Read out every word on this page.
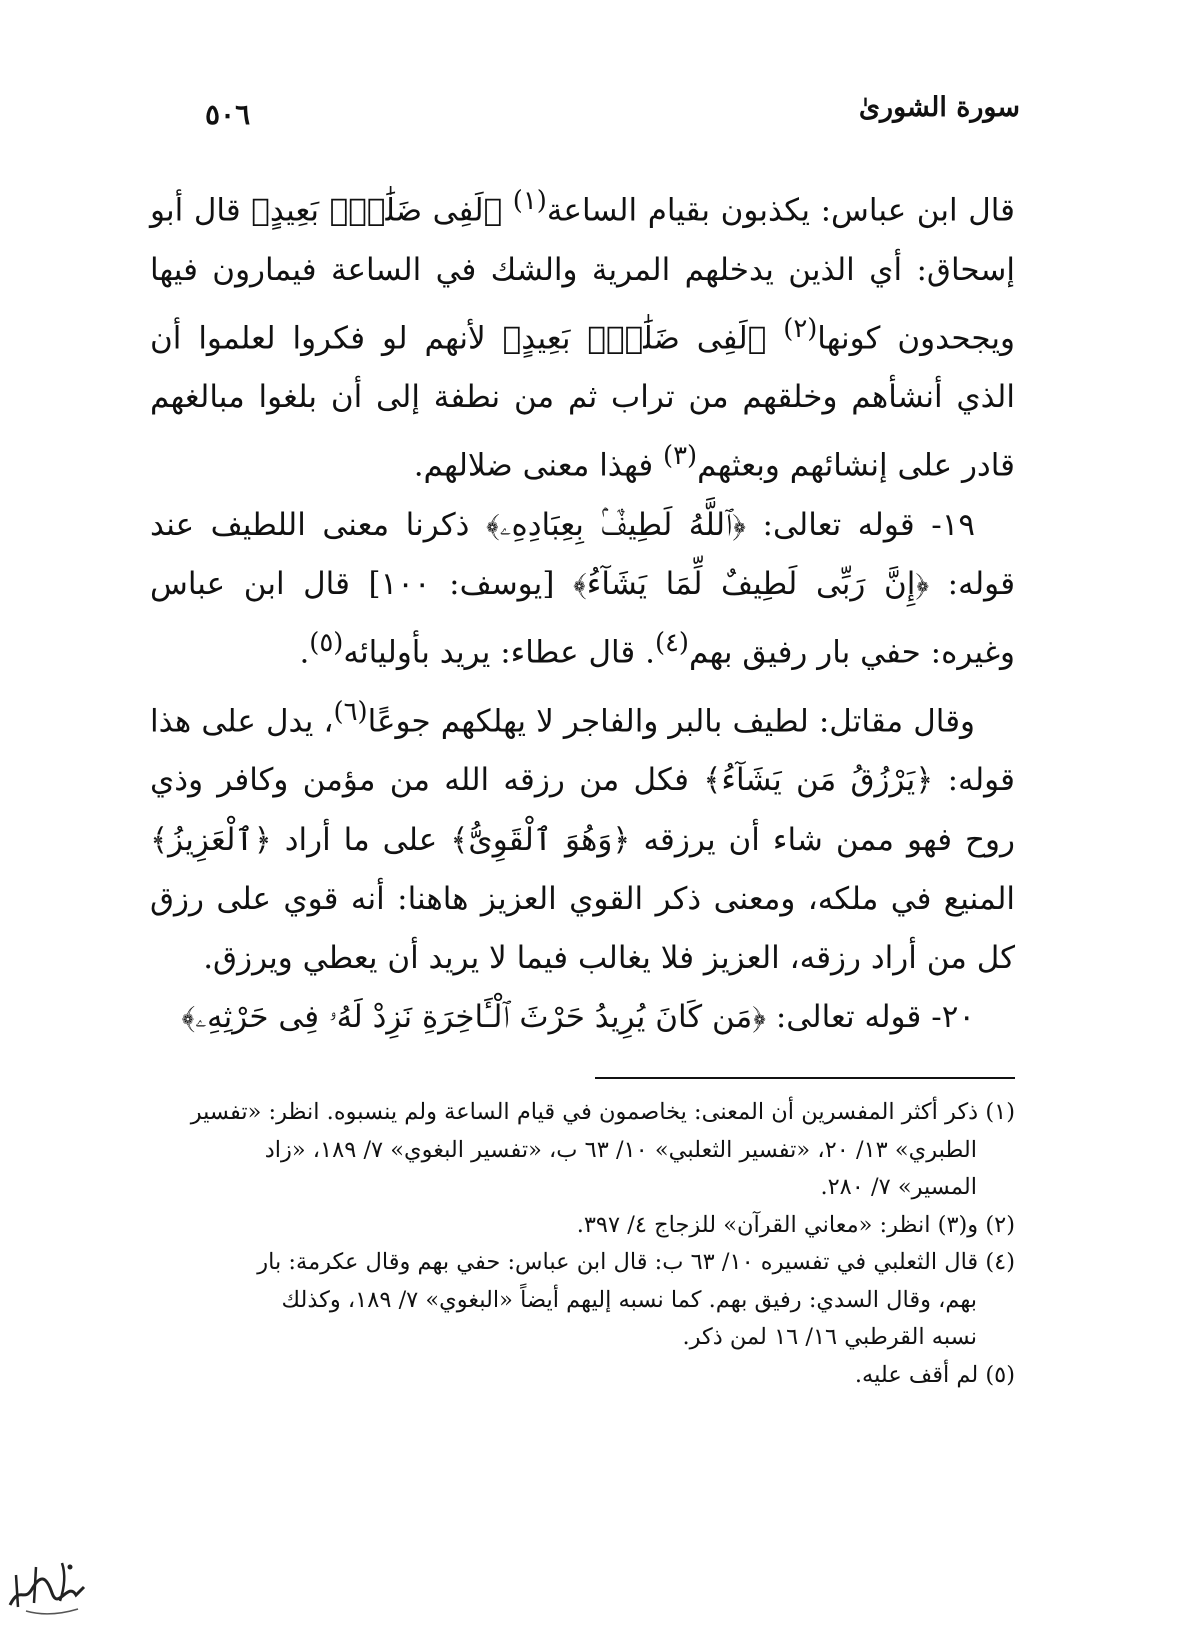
سورة الشورىٰ
٥٠٦

قال ابن عباس: يكذبون بقيام الساعة$^{(١)}$ ﴿لَفِى ضَلَٰلٍۭ بَعِيدٍ﴾ قال أبو إسحاق: أي الذين يدخلهم المرية والشك في الساعة فيمارون فيها ويجحدون كونها$^{(٢)}$ ﴿لَفِى ضَلَٰلٍۭ بَعِيدٍ﴾ لأنهم لو فكروا لعلموا أن الذي أنشأهم وخلقهم من تراب ثم من نطفة إلى أن بلغوا مبالغهم قادر على إنشائهم وبعثهم$^{(٣)}$ فهذا معنى ضلالهم.

١٩- قوله تعالى: ﴿ٱللَّهُ لَطِيفٌۢ بِعِبَادِهِۦ﴾ ذكرنا معنى اللطيف عند قوله: ﴿إِنَّ رَبِّى لَطِيفٌ لِّمَا يَشَآءُ﴾ [يوسف: ١٠٠] قال ابن عباس وغيره: حفي بار رفيق بهم$^{(٤)}$. قال عطاء: يريد بأوليائه$^{(٥)}$.

وقال مقاتل: لطيف بالبر والفاجر لا يهلكهم جوعًا$^{(٦)}$، يدل على هذا قوله: ﴿يَرْزُقُ مَن يَشَآءُ﴾ فكل من رزقه الله من مؤمن وكافر وذي روح فهو ممن شاء أن يرزقه ﴿وَهُوَ ٱلْقَوِىُّ﴾ على ما أراد ﴿ٱلْعَزِيزُ﴾ المنيع في ملكه، ومعنى ذكر القوي العزيز هاهنا: أنه قوي على رزق كل من أراد رزقه، العزيز فلا يغالب فيما لا يريد أن يعطي ويرزق.

٢٠- قوله تعالى: ﴿مَن كَانَ يُرِيدُ حَرْثَ ٱلْـَٔاخِرَةِ نَزِدْ لَهُۥ فِى حَرْثِهِۦ﴾

(١) ذكر أكثر المفسرين أن المعنى: يخاصمون في قيام الساعة ولم ينسبوه. انظر: «تفسير

الطبري» ١٣/ ٢٠، «تفسير الثعلبي» ١٠/ ٦٣ ب، «تفسير البغوي» ٧/ ١٨٩، «زاد

المسير» ٧/ ٢٨٠.

(٢) و(٣) انظر: «معاني القرآن» للزجاج ٤/ ٣٩٧.

(٤) قال الثعلبي في تفسيره ١٠/ ٦٣ ب: قال ابن عباس: حفي بهم وقال عكرمة: بار

بهم، وقال السدي: رفيق بهم. كما نسبه إليهم أيضاً «البغوي» ٧/ ١٨٩، وكذلك

نسبه القرطبي ١٦/ ١٦ لمن ذكر.

(٥) لم أقف عليه.
